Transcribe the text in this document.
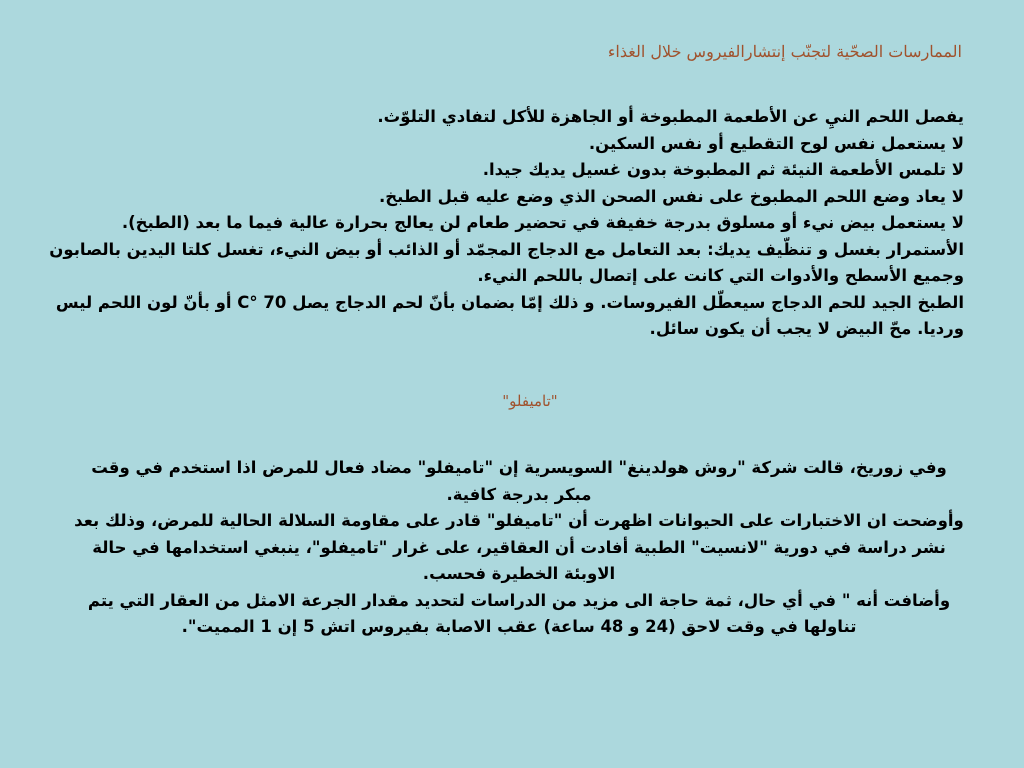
الممارسات الصحّية لتجنّب إنتشارالفيروس خلال الغذاء

يفصل اللحم النيِ عن الأطعمة المطبوخة أو الجاهزة للأكل لتفادي التلوّث.

لا يستعمل نفس لوح التقطيع أو نفس السكين.

لا تلمس الأطعمة النيئة ثم المطبوخة بدون غسيل يديك جيدا.

لا يعاد وضع اللحم المطبوخ على نفس الصحن الذي وضع عليه قبل الطبخ.

لا يستعمل بيض نيء أو مسلوق بدرجة خفيفة في تحضير طعام لن يعالج بحرارة عالية فيما ما بعد (الطبخ).

الأستمرار بغسل و تنظّيف يديك: بعد التعامل مع الدجاج المجمّد أو الذائب أو بيض النيء، تغسل كلتا اليدين بالصابون وجميع الأسطح والأدوات التي كانت على إتصال باللحم النيء.

الطبخ الجيد للحم الدجاج سيعطّل الفيروسات. و ذلك إمّا بضمان بأنّ لحم الدجاج يصل C° 70 أو بأنّ لون اللحم ليس ورديا. محّ البيض لا يجب أن يكون سائل.

"تاميفلو"

وفي زوريخ، قالت شركة "روش هولدينغ" السويسرية إن "تاميفلو" مضاد فعال للمرض اذا استخدم في وقت مبكر بدرجة كافية.

وأوضحت ان الاختبارات على الحيوانات اظهرت أن "تاميفلو" قادر على مقاومة السلالة الحالية للمرض، وذلك بعد نشر دراسة في دورية "لانسيت" الطبية أفادت أن العقاقير، على غرار "تاميفلو"، ينبغي استخدامها في حالة الاوبئة الخطيرة فحسب.

وأضافت أنه " في أي حال، ثمة حاجة الى مزيد من الدراسات لتحديد مقدار الجرعة الامثل من العقار التي يتم تناولها في وقت لاحق (24 و 48 ساعة) عقب الاصابة بفيروس اتش 5 إن 1 المميت".
